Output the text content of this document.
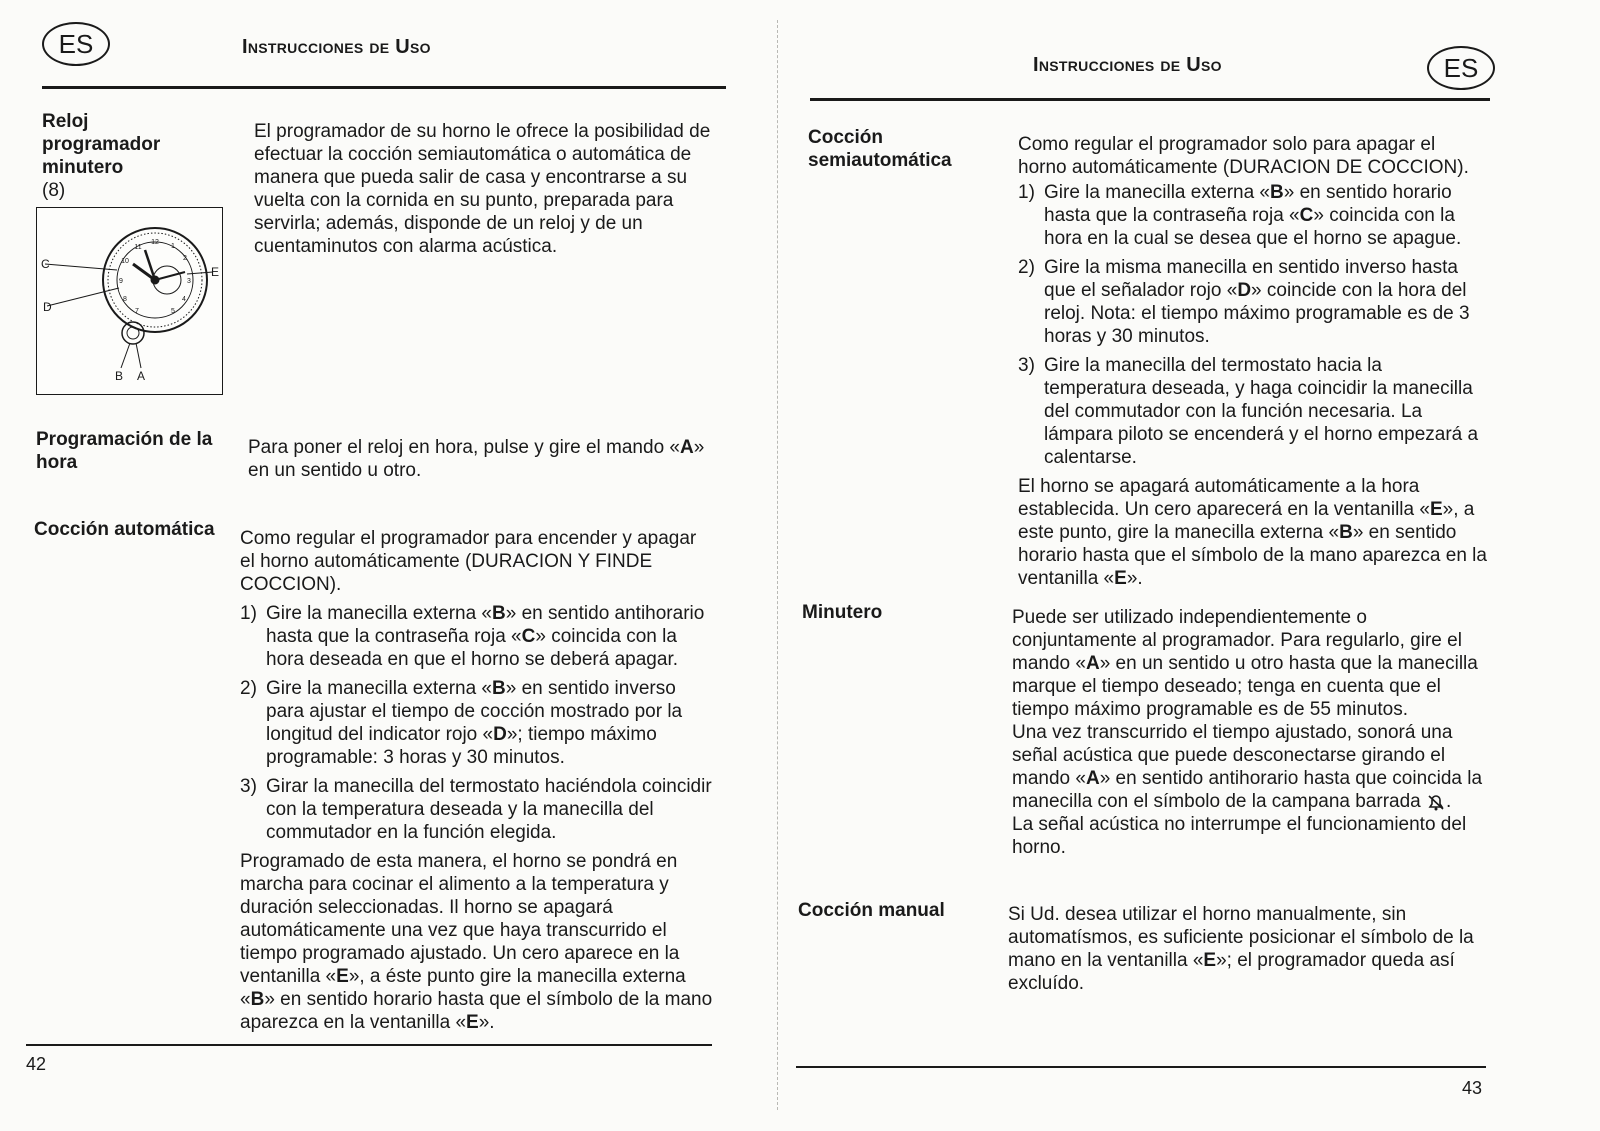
ES	Instrucciones de Uso
Reloj
programador
minutero
(8)

El programador de su horno le ofrece la posibilidad de efectuar la cocción semiautomática o automática de manera que pueda salir de casa y encontrarse a su vuelta con la cornida en su punto, preparada para servirla; además, disponde de un reloj y de un cuentaminutos con alarma acústica.

C
D
E
B A
12
1
2
3
4
5
7
8
9
10
11
Programación de la hora

Para poner el reloj en hora, pulse y gire el mando «A» en un sentido u otro.

Cocción automática	Como regular el programador para encender y apagar el horno automáticamente (DURACION Y FINDE COCCION).

1) Gire la manecilla externa «B» en sentido antihorario hasta que la contraseña roja «C» coincida con la hora deseada en que el horno se deberá apagar.
2) Gire la manecilla externa «B» en sentido inverso para ajustar el tiempo de cocción mostrado por la longitud del indicator rojo «D»; tiempo máximo programable: 3 horas y 30 minutos.
3) Girar la manecilla del termostato haciéndola coincidir con la temperatura deseada y la manecilla del commutador en la función elegida.

Programado de esta manera, el horno se pondrá en marcha para cocinar el alimento a la temperatura y duración seleccionadas. Il horno se apagará automáticamente una vez que haya transcurrido el tiempo programado ajustado. Un cero aparece en la ventanilla «E», a éste punto gire la manecilla externa «B» en sentido horario hasta que el símbolo de la mano aparezca en la ventanilla «E».

42
Instrucciones de Uso	ES
Cocción semiautomática

Como regular el programador solo para apagar el horno automáticamente (DURACION DE COCCION).

1) Gire la manecilla externa «B» en sentido horario hasta que la contraseña roja «C» coincida con la hora en la cual se desea que el horno se apague.
2) Gire la misma manecilla en sentido inverso hasta que el señalador rojo «D» coincide con la hora del reloj. Nota: el tiempo máximo programable es de 3 horas y 30 minutos.
3) Gire la manecilla del termostato hacia la temperatura deseada, y haga coincidir la manecilla del commutador con la función necesaria. La lámpara piloto se encenderá y el horno empezará a calentarse.

El horno se apagará automáticamente a la hora establecida. Un cero aparecerá en la ventanilla «E», a este punto, gire la manecilla externa «B» en sentido horario hasta que el símbolo de la mano aparezca en la ventanilla «E».

Minutero	Puede ser utilizado independientemente o conjuntamente al programador. Para regularlo, gire el mando «A» en un sentido u otro hasta que la manecilla marque el tiempo deseado; tenga en cuenta que el tiempo máximo programable es de 55 minutos.

Una vez transcurrido el tiempo ajustado, sonorá una señal acústica que puede desconectarse girando el mando «A» en sentido antihorario hasta que coincida la manecilla con el símbolo de la campana barrada .

La señal acústica no interrumpe el funcionamiento del horno.

Cocción manual	Si Ud. desea utilizar el horno manualmente, sin automatísmos, es suficiente posicionar el símbolo de la mano en la ventanilla «E»; el programador queda así excluído.

43
